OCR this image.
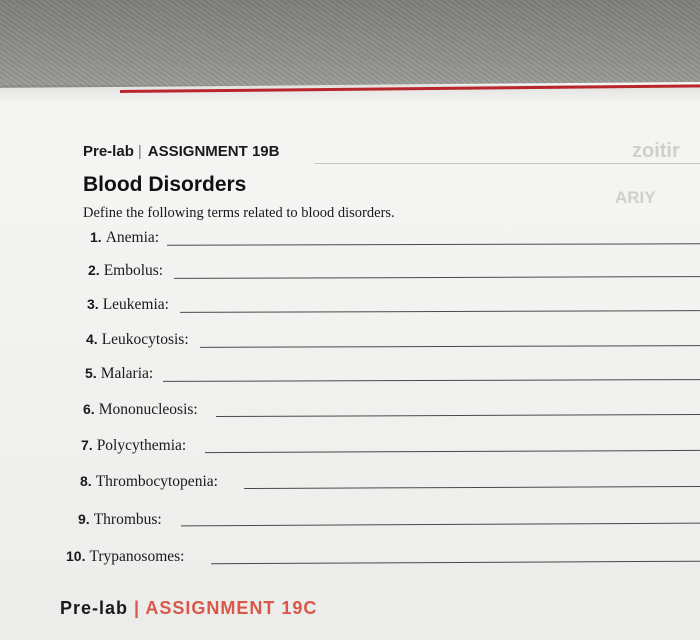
zoitir
ARIY
Pre-lab | ASSIGNMENT 19B
Blood Disorders
Define the following terms related to blood disorders.
1. Anemia:
2. Embolus:
3. Leukemia:
4. Leukocytosis:
5. Malaria:
6. Mononucleosis:
7. Polycythemia:
8. Thrombocytopenia:
9. Thrombus:
10. Trypanosomes:
Pre-lab | ASSIGNMENT 19C
